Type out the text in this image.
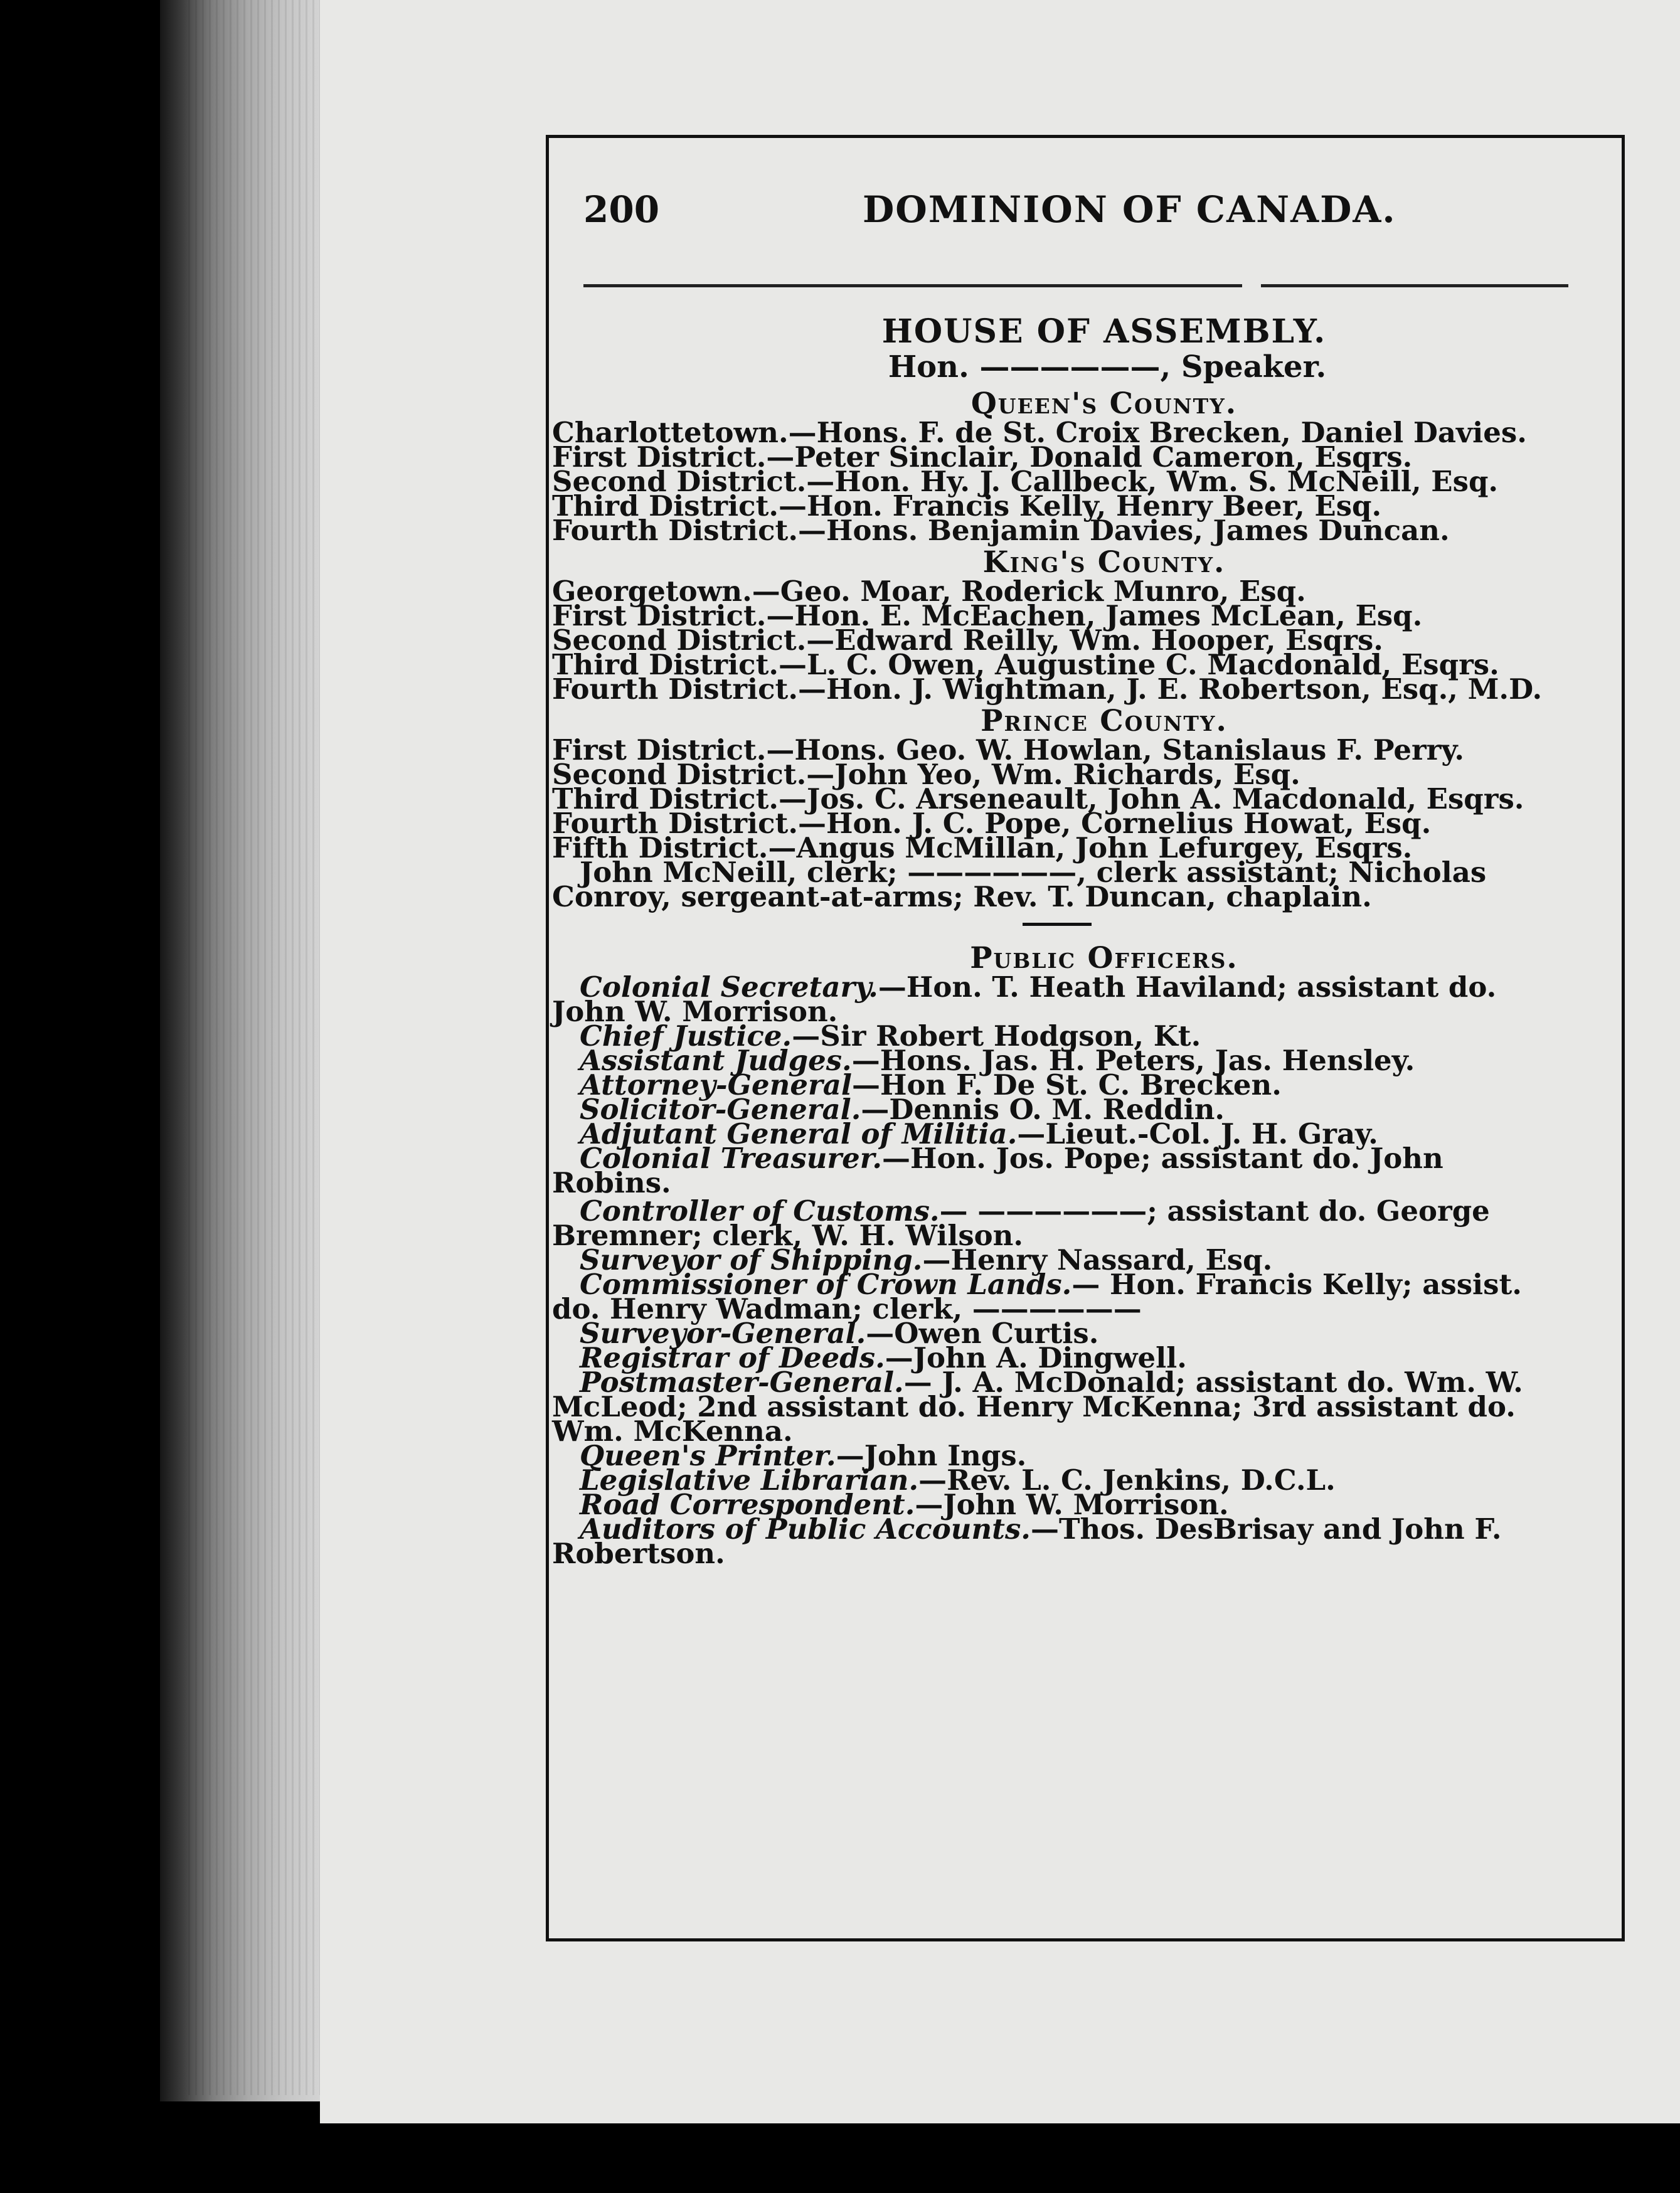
200	DOMINION OF CANADA.
HOUSE OF ASSEMBLY.
Hon. ——————, Speaker.
Queen's County.
Charlottetown.—Hons. F. de St. Croix Brecken, Daniel Davies.
First District.—Peter Sinclair, Donald Cameron, Esqrs.
Second District.—Hon. Hy. J. Callbeck, Wm. S. McNeill, Esq.
Third District.—Hon. Francis Kelly, Henry Beer, Esq.
Fourth District.—Hons. Benjamin Davies, James Duncan.
King's County.
Georgetown.—Geo. Moar, Roderick Munro, Esq.
First District.—Hon. E. McEachen, James McLean, Esq.
Second District.—Edward Reilly, Wm. Hooper, Esqrs.
Third District.—L. C. Owen, Augustine C. Macdonald, Esqrs.
Fourth District.—Hon. J. Wightman, J. E. Robertson, Esq., M.D.
Prince County.
First District.—Hons. Geo. W. Howlan, Stanislaus F. Perry.
Second District.—John Yeo, Wm. Richards, Esq.
Third District.—Jos. C. Arseneault, John A. Macdonald, Esqrs.
Fourth District.—Hon. J. C. Pope, Cornelius Howat, Esq.
Fifth District.—Angus McMillan, John Lefurgey, Esqrs.
John McNeill, clerk; ——————, clerk assistant; Nicholas
Conroy, sergeant-at-arms; Rev. T. Duncan, chaplain.
Public Officers.
Colonial Secretary.—Hon. T. Heath Haviland; assistant do.
John W. Morrison.
Chief Justice.—Sir Robert Hodgson, Kt.
Assistant Judges.—Hons. Jas. H. Peters, Jas. Hensley.
Attorney-General—Hon F. De St. C. Brecken.
Solicitor-General.—Dennis O. M. Reddin.
Adjutant General of Militia.—Lieut.-Col. J. H. Gray.
Colonial Treasurer.—Hon. Jos. Pope; assistant do. John
Robins.
Controller of Customs.— ——————; assistant do. George
Bremner; clerk, W. H. Wilson.
Surveyor of Shipping.—Henry Nassard, Esq.
Commissioner of Crown Lands.— Hon. Francis Kelly; assist.
do. Henry Wadman; clerk, ——————
Surveyor-General.—Owen Curtis.
Registrar of Deeds.—John A. Dingwell.
Postmaster-General.— J. A. McDonald; assistant do. Wm. W.
McLeod; 2nd assistant do. Henry McKenna; 3rd assistant do.
Wm. McKenna.
Queen's Printer.—John Ings.
Legislative Librarian.—Rev. L. C. Jenkins, D.C.L.
Road Correspondent.—John W. Morrison.
Auditors of Public Accounts.—Thos. DesBrisay and John F.
Robertson.
